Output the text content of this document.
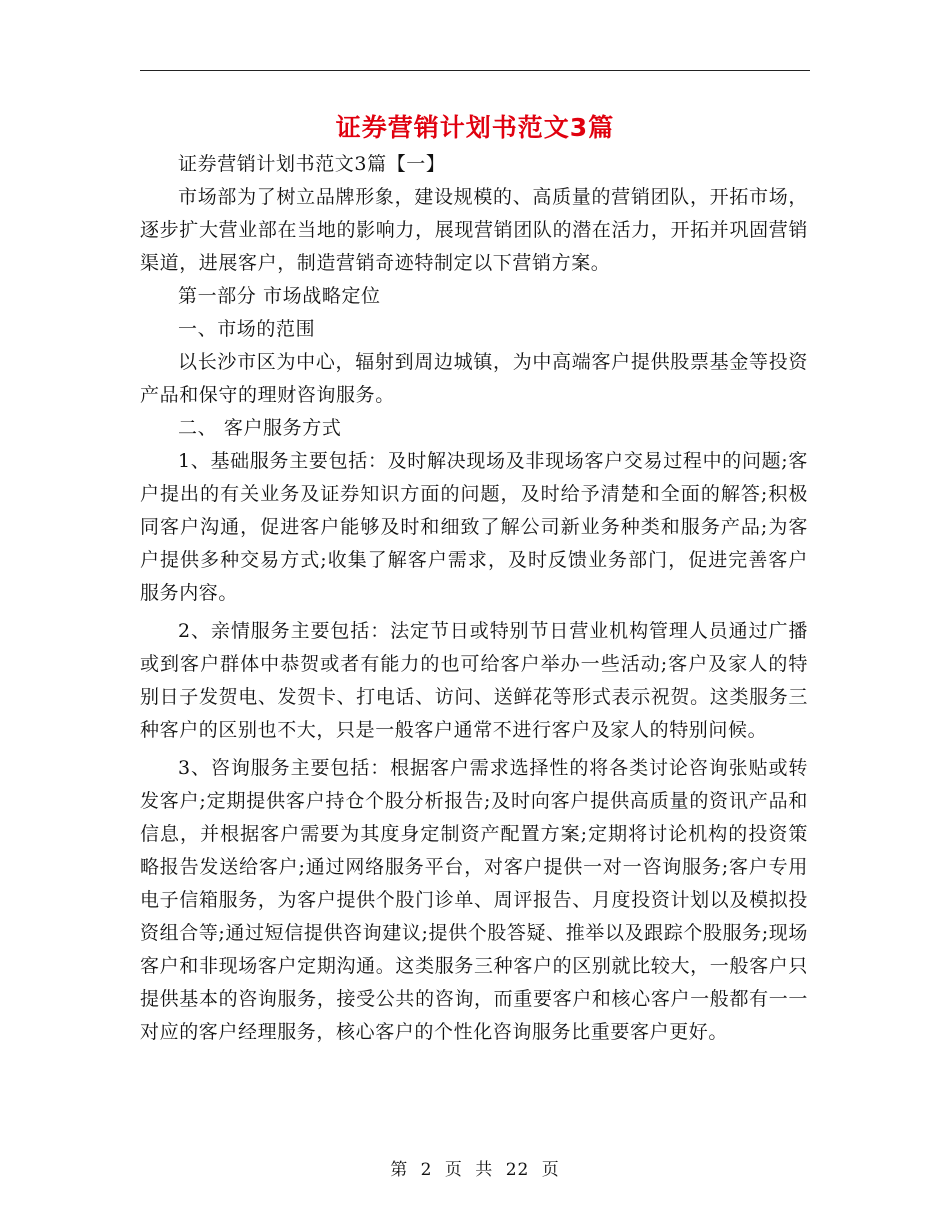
证券营销计划书范文3篇

证券营销计划书范文3篇【一】

市场部为了树立品牌形象，建设规模的、高质量的营销团队，开拓市场，逐步扩大营业部在当地的影响力，展现营销团队的潜在活力，开拓并巩固营销渠道，进展客户，制造营销奇迹特制定以下营销方案。

第一部分 市场战略定位

一、市场的范围

以长沙市区为中心，辐射到周边城镇，为中高端客户提供股票基金等投资产品和保守的理财咨询服务。

二、 客户服务方式

1、基础服务主要包括：及时解决现场及非现场客户交易过程中的问题;客户提出的有关业务及证券知识方面的问题，及时给予清楚和全面的解答;积极同客户沟通，促进客户能够及时和细致了解公司新业务种类和服务产品;为客户提供多种交易方式;收集了解客户需求，及时反馈业务部门，促进完善客户服务内容。

2、亲情服务主要包括：法定节日或特别节日营业机构管理人员通过广播或到客户群体中恭贺或者有能力的也可给客户举办一些活动;客户及家人的特别日子发贺电、发贺卡、打电话、访问、送鲜花等形式表示祝贺。这类服务三种客户的区别也不大，只是一般客户通常不进行客户及家人的特别问候。

3、咨询服务主要包括：根据客户需求选择性的将各类讨论咨询张贴或转发客户;定期提供客户持仓个股分析报告;及时向客户提供高质量的资讯产品和信息，并根据客户需要为其度身定制资产配置方案;定期将讨论机构的投资策略报告发送给客户;通过网络服务平台，对客户提供一对一咨询服务;客户专用电子信箱服务，为客户提供个股门诊单、周评报告、月度投资计划以及模拟投资组合等;通过短信提供咨询建议;提供个股答疑、推举以及跟踪个股服务;现场客户和非现场客户定期沟通。这类服务三种客户的区别就比较大，一般客户只提供基本的咨询服务，接受公共的咨询，而重要客户和核心客户一般都有一一对应的客户经理服务，核心客户的个性化咨询服务比重要客户更好。

第 2 页 共 22 页
